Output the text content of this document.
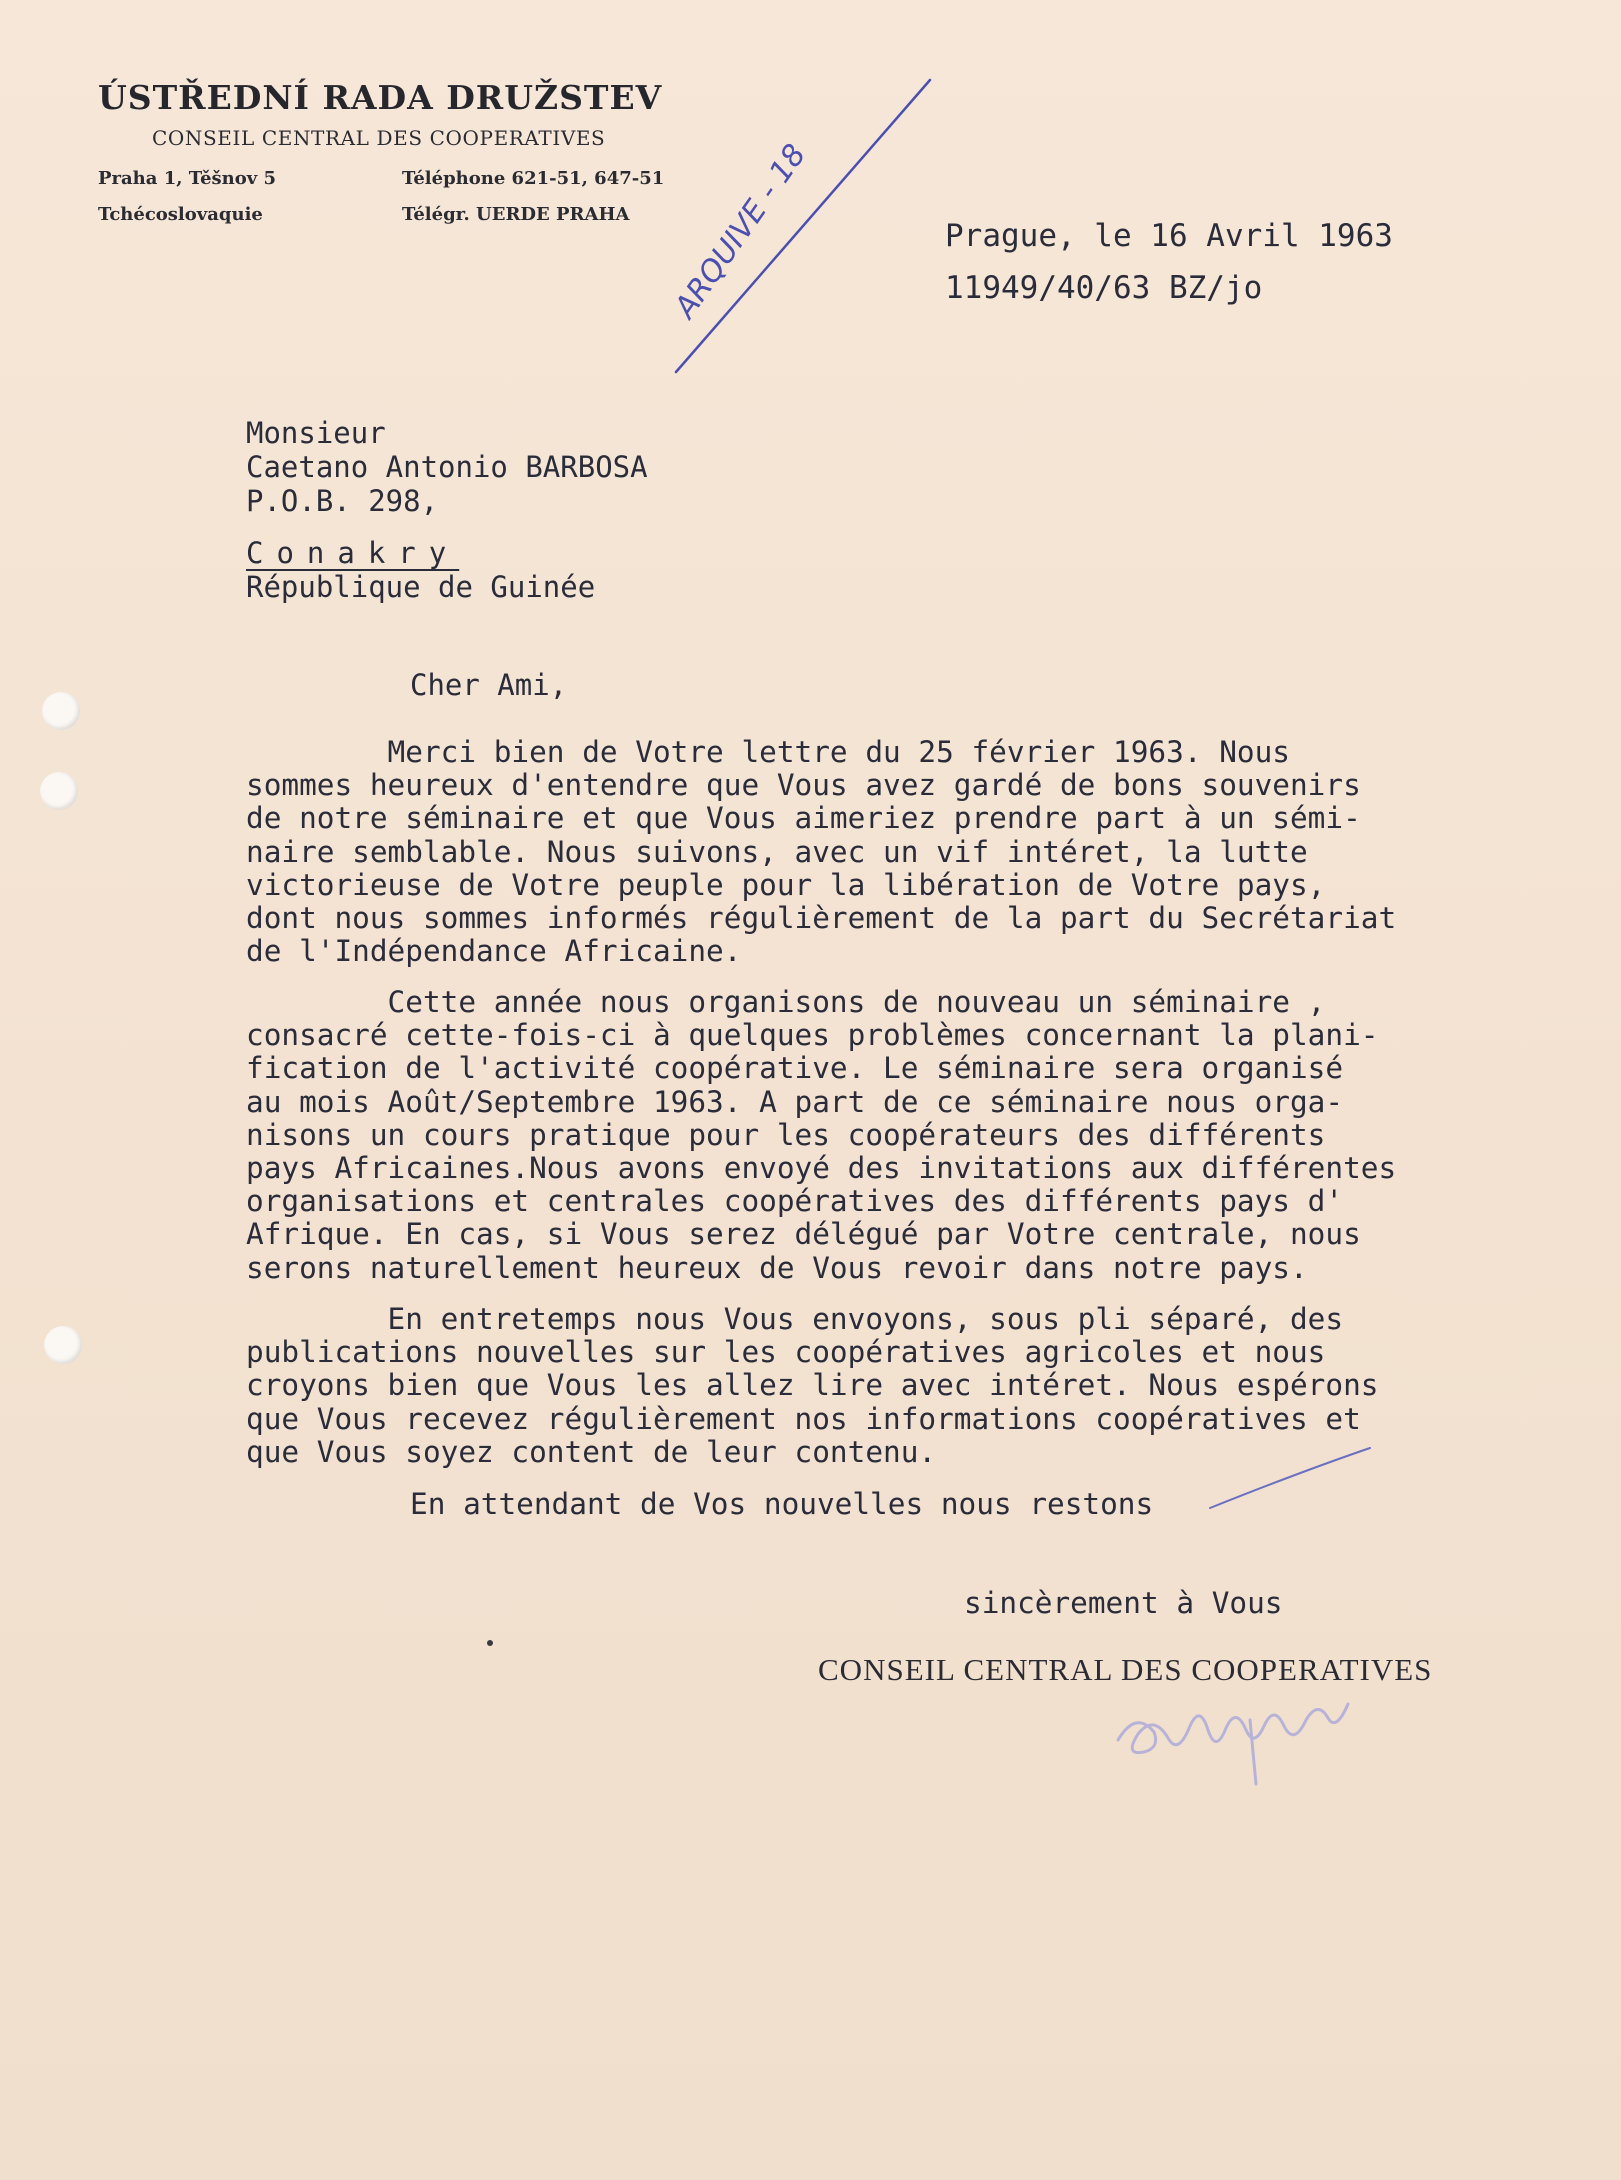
ÚSTŘEDNÍ RADA DRUŽSTEV
CONSEIL CENTRAL DES COOPERATIVES
Praha 1, Těšnov 5
Tchécoslovaquie
Téléphone 621-51, 647-51
Télégr. UERDE PRAHA ARQUIVE - 18	Prague, le 16 Avril 1963
11949/40/63 BZ/jo
Monsieur
Caetano Antonio BARBOSA
P.O.B. 298,
Conakry
République de Guinée
Cher Ami,
Merci bien de Votre lettre du 25 février 1963. Nous
sommes heureux d'entendre que Vous avez gardé de bons souvenirs
de notre séminaire et que Vous aimeriez prendre part à un sémi-
naire semblable. Nous suivons, avec un vif intéret, la lutte
victorieuse de Votre peuple pour la libération de Votre pays,
dont nous sommes informés régulièrement de la part du Secrétariat
de l'Indépendance Africaine.
Cette année nous organisons de nouveau un séminaire ,
consacré cette-fois-ci à quelques problèmes concernant la plani-
fication de l'activité coopérative. Le séminaire sera organisé
au mois Août/Septembre 1963. A part de ce séminaire nous orga-
nisons un cours pratique pour les coopérateurs des différents
pays Africaines.Nous avons envoyé des invitations aux différentes
organisations et centrales coopératives des différents pays d'
Afrique. En cas, si Vous serez délégué par Votre centrale, nous
serons naturellement heureux de Vous revoir dans notre pays.
En entretemps nous Vous envoyons, sous pli séparé, des
publications nouvelles sur les coopératives agricoles et nous
croyons bien que Vous les allez lire avec intéret. Nous espérons
que Vous recevez régulièrement nos informations coopératives et
que Vous soyez content de leur contenu.
En attendant de Vos nouvelles nous restons
sincèrement à Vous
CONSEIL CENTRAL DES COOPERATIVES
